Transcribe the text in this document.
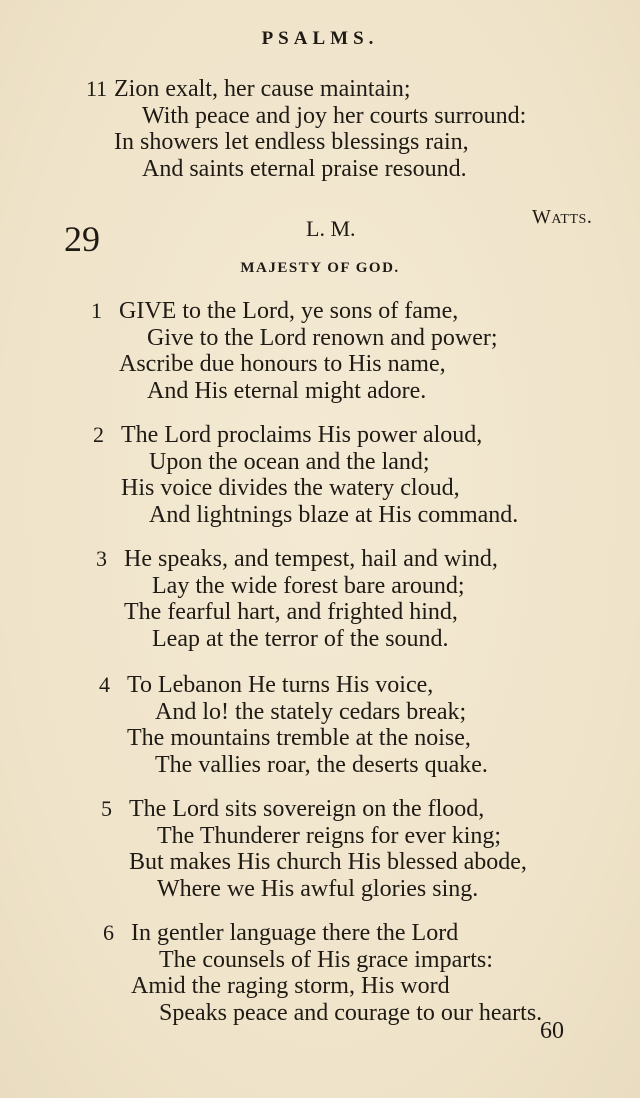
PSALMS.
11 Zion exalt, her cause maintain;
With peace and joy her courts surround:
In showers let endless blessings rain,
And saints eternal praise resound.
29	L. M.	Watts.
MAJESTY OF GOD.
1 GIVE to the Lord, ye sons of fame,
Give to the Lord renown and power;
Ascribe due honours to His name,
And His eternal might adore.
2 The Lord proclaims His power aloud,
Upon the ocean and the land;
His voice divides the watery cloud,
And lightnings blaze at His command.
3 He speaks, and tempest, hail and wind,
Lay the wide forest bare around;
The fearful hart, and frighted hind,
Leap at the terror of the sound.
4 To Lebanon He turns His voice,
And lo! the stately cedars break;
The mountains tremble at the noise,
The vallies roar, the deserts quake.
5 The Lord sits sovereign on the flood,
The Thunderer reigns for ever king;
But makes His church His blessed abode,
Where we His awful glories sing.
6 In gentler language there the Lord
The counsels of His grace imparts:
Amid the raging storm, His word
Speaks peace and courage to our hearts.
60
